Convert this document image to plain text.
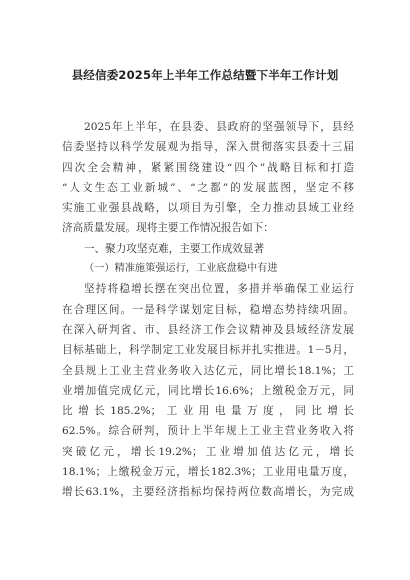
县经信委2025年上半年工作总结暨下半年工作计划
2025年上半年，在县委、县政府的坚强领导下，县经
信委坚持以科学发展观为指导，深入贯彻落实县委十三届
四次全会精神，紧紧围绕建设“四个”战略目标和打造
“人文生态工业新城”、“之都”的发展蓝图，坚定不移
实施工业强县战略，以项目为引擎，全力推动县域工业经
济高质量发展。现将主要工作情况报告如下：
一、聚力攻坚克难，主要工作成效显著
（一）精准施策强运行，工业底盘稳中有进
坚持将稳增长摆在突出位置，多措并举确保工业运行
在合理区间。一是科学谋划定目标，稳增态势持续巩固。
在深入研判省、市、县经济工作会议精神及县域经济发展
目标基础上，科学制定工业发展目标并扎实推进。1－5月，
全县规上工业主营业务收入达亿元，同比增长18.1%；工
业增加值完成亿元，同比增长16.6%；上缴税金万元，同
比增长185.2%；工业用电量万度，同比增长
62.5%。综合研判，预计上半年规上工业主营业务收入将
突破亿元，增长19.2%；工业增加值达亿元，增长
18.1%；上缴税金万元，增长182.3%；工业用电量万度，
增长63.1%，主要经济指标均保持两位数高增长，为完成
